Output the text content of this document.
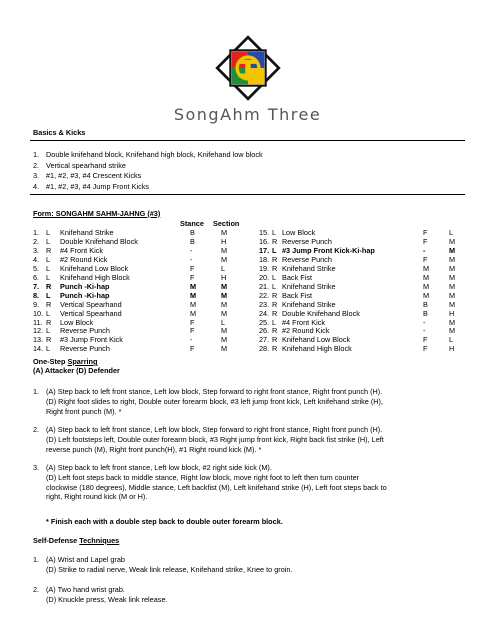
SongAhm Three
Basics & Kicks
1. Double knifehand block, Knifehand high block, Knifehand low block
2. Vertical spearhand strike
3. #1, #2, #3, #4 Crescent Kicks
4. #1, #2, #3, #4 Jump Front Kicks
Form: SONGAHM SAHM-JAHNG (#3)
Stance Section
1. L Knifehand Strike	B	M
2. L Double Knifehand Block	B	H
3. R #4 Front Kick	-	M
4. L #2 Round Kick	-	M
5. L Knifehand Low Block	F	L
6. L Knifehand High Block	F	H
7. R Punch -Ki-hap	M	M
8. L Punch -Ki-hap	M	M
9. R Vertical Spearhand	M	M
10. L Vertical Spearhand	M	M
11. R Low Block	F	L
12. L Reverse Punch	F	M
13. R #3 Jump Front Kick	-	M
14. L Reverse Punch	F	M
15. L Low Block	F	L
16. R Reverse Punch	F	M
17. L #3 Jump Front Kick-Ki-hap	-	M
18. R Reverse Punch	F	M
19. R Knifehand Strike	M	M
20. L Back Fist	M	M
21. L Knifehand Strike	M	M
22. R Back Fist	M	M
23. R Knifehand Strike	B	M
24. R Double Knifehand Block	B	H
25. L #4 Front Kick	-	M
26. R #2 Round Kick	-	M
27. R Knifehand Low Block	F	L
28. R Knifehand High Block	F	H
One-Step Sparring
(A) Attacker (D) Defender
1. (A) Step back to left front stance, Left low block, Step forward to right front stance, Right front punch (H).
(D) Right foot slides to right, Double outer forearm block, #3 left jump front kick, Left knifehand strike (H),
Right front punch (M). *
2. (A) Step back to left front stance, Left low block, Step forward to right front stance, Right front punch (H).
(D) Left footsteps left, Double outer forearm block, #3 Right jump front kick, Right back fist strike (H), Left
reverse punch (M), Right front punch(H), #1 Right round kick (M). *
3. (A) Step back to left front stance, Left low block, #2 right side kick (M).
(D) Left foot steps back to middle stance, Right low block, move right foot to left then turn counter
clockwise (180 degrees), Middle stance, Left backfist (M), Left knifehand strike (H), Left foot steps back to
right, Right round kick (M or H).
* Finish each with a double step back to double outer forearm block.
Self-Defense Techniques
1. (A) Wrist and Lapel grab
(D) Strike to radial nerve, Weak link release, Knifehand strike, Knee to groin.
2. (A) Two hand wrist grab.
(D) Knuckle press, Weak link release.
